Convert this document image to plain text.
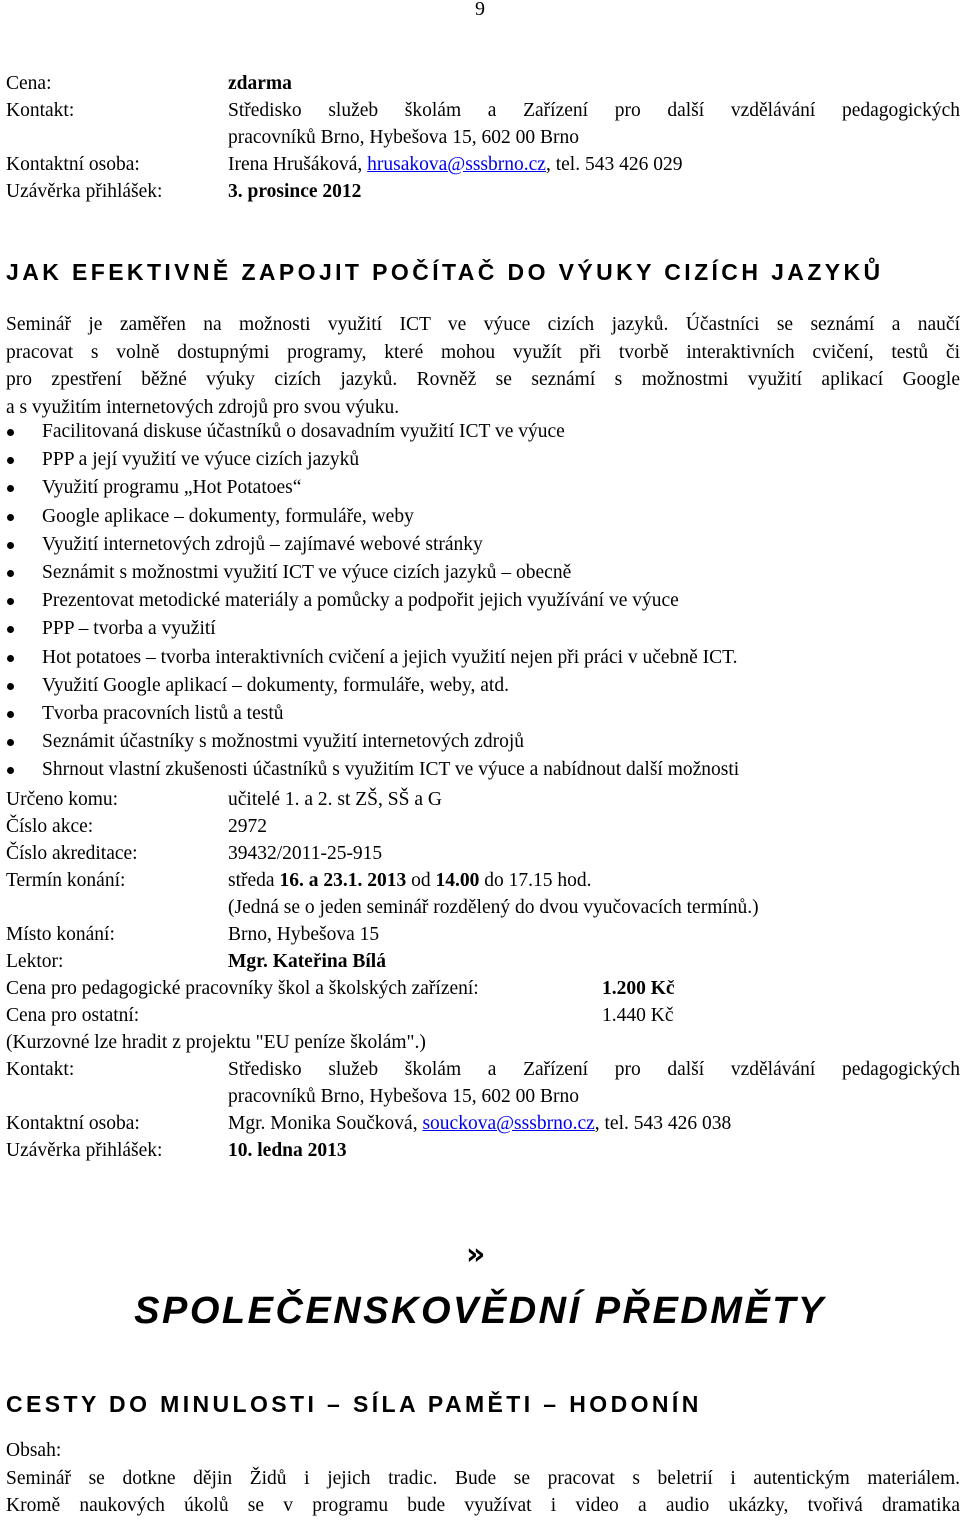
9
Cena:	zdarma
Kontakt:	Středisko služeb školám a Zařízení pro další vzdělávání pedagogických
pracovníků Brno, Hybešova 15, 602 00 Brno
Kontaktní osoba:	Irena Hrušáková, hrusakova@sssbrno.cz, tel. 543 426 029
Uzávěrka přihlášek:	3. prosince 2012
JAK EFEKTIVNĚ ZAPOJIT POČÍTAČ DO VÝUKY CIZÍCH JAZYKŮ
Seminář je zaměřen na možnosti využití ICT ve výuce cizích jazyků. Účastníci se seznámí a naučí
pracovat s volně dostupnými programy, které mohou využít při tvorbě interaktivních cvičení, testů či
pro zpestření běžné výuky cizích jazyků. Rovněž se seznámí s možnostmi využití aplikací Google
a s využitím internetových zdrojů pro svou výuku.
Facilitovaná diskuse účastníků o dosavadním využití ICT ve výuce
PPP a její využití ve výuce cizích jazyků
Využití programu „Hot Potatoes“
Google aplikace – dokumenty, formuláře, weby
Využití internetových zdrojů – zajímavé webové stránky
Seznámit s možnostmi využití ICT ve výuce cizích jazyků – obecně
Prezentovat metodické materiály a pomůcky a podpořit jejich využívání ve výuce
PPP – tvorba a využití
Hot potatoes – tvorba interaktivních cvičení a jejich využití nejen při práci v učebně ICT.
Využití Google aplikací – dokumenty, formuláře, weby, atd.
Tvorba pracovních listů a testů
Seznámit účastníky s možnostmi využití internetových zdrojů
Shrnout vlastní zkušenosti účastníků s využitím ICT ve výuce a nabídnout další možnosti
Určeno komu:	učitelé 1. a 2. st ZŠ, SŠ a G
Číslo akce:	2972
Číslo akreditace:	39432/2011-25-915
Termín konání:	středa 16. a 23.1. 2013 od 14.00 do 17.15 hod.
(Jedná se o jeden seminář rozdělený do dvou vyučovacích termínů.)
Místo konání:	Brno, Hybešova 15
Lektor:	Mgr. Kateřina Bílá
Cena pro pedagogické pracovníky škol a školských zařízení:	1.200 Kč
Cena pro ostatní:	1.440 Kč
(Kurzovné lze hradit z projektu "EU peníze školám".)
Kontakt:	Středisko služeb školám a Zařízení pro další vzdělávání pedagogických
pracovníků Brno, Hybešova 15, 602 00 Brno
Kontaktní osoba:	Mgr. Monika Součková, souckova@sssbrno.cz, tel. 543 426 038
Uzávěrka přihlášek:	10. ledna 2013
»
SPOLEČENSKOVĚDNÍ PŘEDMĚTY
CESTY DO MINULOSTI – SÍLA PAMĚTI – HODONÍN
Obsah:
Seminář se dotkne dějin Židů i jejich tradic. Bude se pracovat s beletrií i autentickým materiálem.
Kromě naukových úkolů se v programu bude využívat i video a audio ukázky, tvořivá dramatika
